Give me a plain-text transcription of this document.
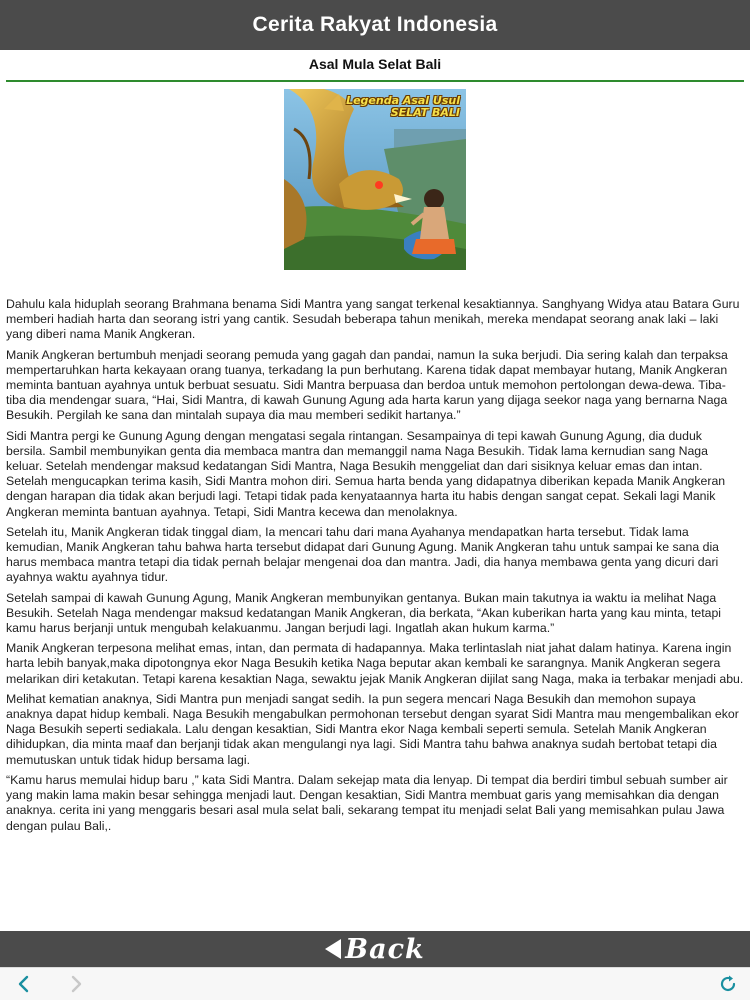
Cerita Rakyat Indonesia
Asal Mula Selat Bali
Legenda Asal Usul
SELAT BALI

Dahulu kala hiduplah seorang Brahmana benama Sidi Mantra yang sangat terkenal kesaktiannya. Sanghyang Widya atau Batara Guru memberi hadiah harta dan seorang istri yang cantik. Sesudah beberapa tahun menikah, mereka mendapat seorang anak laki – laki yang diberi nama Manik Angkeran.

Manik Angkeran bertumbuh menjadi seorang pemuda yang gagah dan pandai, namun Ia suka berjudi. Dia sering kalah dan terpaksa mempertaruhkan harta kekayaan orang tuanya, terkadang Ia pun berhutang. Karena tidak dapat membayar hutang, Manik Angkeran meminta bantuan ayahnya untuk berbuat sesuatu. Sidi Mantra berpuasa dan berdoa untuk memohon pertolongan dewa-dewa. Tiba-tiba dia mendengar suara, “Hai, Sidi Mantra, di kawah Gunung Agung ada harta karun yang dijaga seekor naga yang bernarna Naga Besukih. Pergilah ke sana dan mintalah supaya dia mau memberi sedikit hartanya.”

Sidi Mantra pergi ke Gunung Agung dengan mengatasi segala rintangan. Sesampainya di tepi kawah Gunung Agung, dia duduk bersila. Sambil membunyikan genta dia membaca mantra dan memanggil nama Naga Besukih. Tidak lama kernudian sang Naga keluar. Setelah mendengar maksud kedatangan Sidi Mantra, Naga Besukih menggeliat dan dari sisiknya keluar emas dan intan. Setelah mengucapkan terima kasih, Sidi Mantra mohon diri. Semua harta benda yang didapatnya diberikan kepada Manik Angkeran dengan harapan dia tidak akan berjudi lagi. Tetapi tidak pada kenyataannya harta itu habis dengan sangat cepat. Sekali lagi Manik Angkeran meminta bantuan ayahnya. Tetapi, Sidi Mantra kecewa dan menolaknya.

Setelah itu, Manik Angkeran tidak tinggal diam, Ia mencari tahu dari mana Ayahanya mendapatkan harta tersebut. Tidak lama kemudian, Manik Angkeran tahu bahwa harta tersebut didapat dari Gunung Agung. Manik Angkeran tahu untuk sampai ke sana dia harus membaca mantra tetapi dia tidak pernah belajar mengenai doa dan mantra. Jadi, dia hanya membawa genta yang dicuri dari ayahnya waktu ayahnya tidur.

Setelah sampai di kawah Gunung Agung, Manik Angkeran membunyikan gentanya. Bukan main takutnya ia waktu ia melihat Naga Besukih. Setelah Naga mendengar maksud kedatangan Manik Angkeran, dia berkata, “Akan kuberikan harta yang kau minta, tetapi kamu harus berjanji untuk mengubah kelakuanmu. Jangan berjudi lagi. Ingatlah akan hukum karma.”

Manik Angkeran terpesona melihat emas, intan, dan permata di hadapannya. Maka terlintaslah niat jahat dalam hatinya. Karena ingin harta lebih banyak,maka dipotongnya ekor Naga Besukih ketika Naga beputar akan kembali ke sarangnya. Manik Angkeran segera melarikan diri ketakutan. Tetapi karena kesaktian Naga, sewaktu jejak Manik Angkeran dijilat sang Naga, maka ia terbakar menjadi abu.

Melihat kematian anaknya, Sidi Mantra pun menjadi sangat sedih. Ia pun segera mencari Naga Besukih dan memohon supaya anaknya dapat hidup kembali. Naga Besukih mengabulkan permohonan tersebut dengan syarat Sidi Mantra mau mengembalikan ekor Naga Besukih seperti sediakala. Lalu dengan kesaktian, Sidi Mantra ekor Naga kembali seperti semula. Setelah Manik Angkeran dihidupkan, dia minta maaf dan berjanji tidak akan mengulangi nya lagi. Sidi Mantra tahu bahwa anaknya sudah bertobat tetapi dia memutuskan untuk tidak hidup bersama lagi.

“Kamu harus memulai hidup baru ,” kata Sidi Mantra. Dalam sekejap mata dia lenyap. Di tempat dia berdiri timbul sebuah sumber air yang makin lama makin besar sehingga menjadi laut. Dengan kesaktian, Sidi Mantra membuat garis yang memisahkan dia dengan anaknya. cerita ini yang menggaris besari asal mula selat bali, sekarang tempat itu menjadi selat Bali yang memisahkan pulau Jawa dengan pulau Bali,.

Back
